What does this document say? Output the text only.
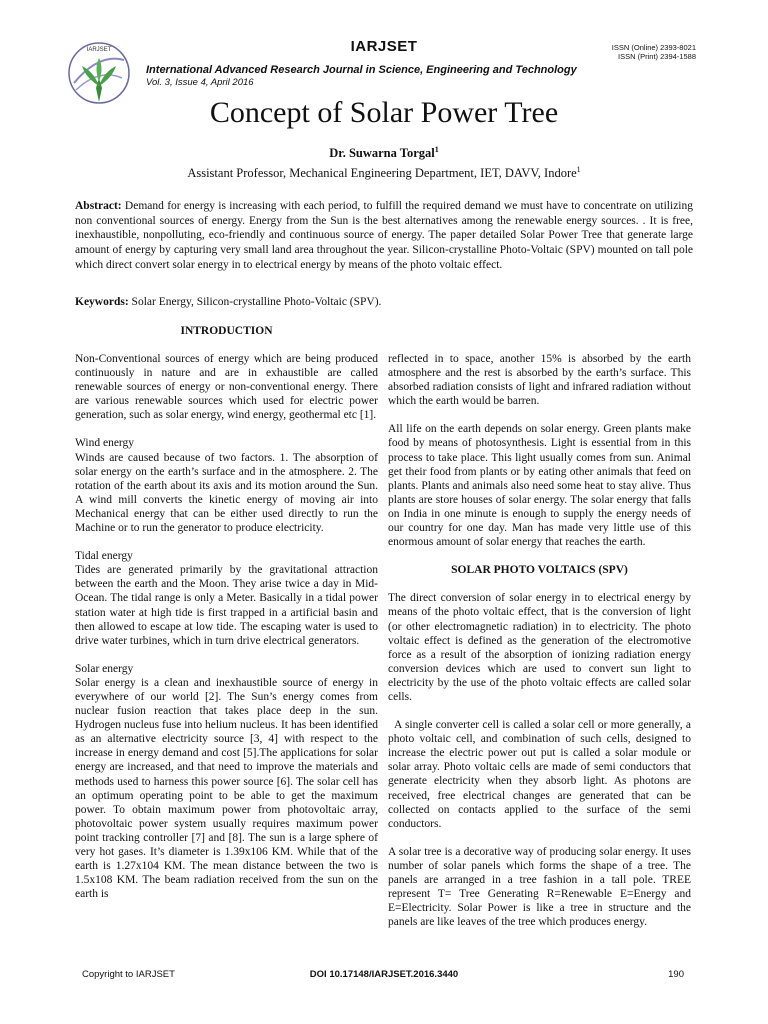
IARJSET	IARJSET	ISSN (Online) 2393-8021
ISSN (Print) 2394-1588
International Advanced Research Journal in Science, Engineering and Technology
Vol. 3, Issue 4, April 2016
Concept of Solar Power Tree
Dr. Suwarna Torgal$^1$
Assistant Professor, Mechanical Engineering Department, IET, DAVV, Indore$^1$
Abstract: Demand for energy is increasing with each period, to fulfill the required demand we must have to concentrate on utilizing non conventional sources of energy. Energy from the Sun is the best alternatives among the renewable energy sources. . It is free, inexhaustible, nonpolluting, eco-friendly and continuous source of energy. The paper detailed Solar Power Tree that generate large amount of energy by capturing very small land area throughout the year. Silicon-crystalline Photo-Voltaic (SPV) mounted on tall pole which direct convert solar energy in to electrical energy by means of the photo voltaic effect.
Keywords: Solar Energy, Silicon-crystalline Photo-Voltaic (SPV).
INTRODUCTION

Non-Conventional sources of energy which are being produced continuously in nature and are in exhaustible are called renewable sources of energy or non-conventional energy. There are various renewable sources which used for electric power generation, such as solar energy, wind energy, geothermal etc [1].

Wind energy

Winds are caused because of two factors. 1. The absorption of solar energy on the earth’s surface and in the atmosphere. 2. The rotation of the earth about its axis and its motion around the Sun. A wind mill converts the kinetic energy of moving air into Mechanical energy that can be either used directly to run the Machine or to run the generator to produce electricity.

Tidal energy

Tides are generated primarily by the gravitational attraction between the earth and the Moon. They arise twice a day in Mid-Ocean. The tidal range is only a Meter. Basically in a tidal power station water at high tide is first trapped in a artificial basin and then allowed to escape at low tide. The escaping water is used to drive water turbines, which in turn drive electrical generators.

Solar energy

Solar energy is a clean and inexhaustible source of energy in everywhere of our world [2]. The Sun’s energy comes from nuclear fusion reaction that takes place deep in the sun. Hydrogen nucleus fuse into helium nucleus. It has been identified as an alternative electricity source [3, 4] with respect to the increase in energy demand and cost [5].The applications for solar energy are increased, and that need to improve the materials and methods used to harness this power source [6]. The solar cell has an optimum operating point to be able to get the maximum power. To obtain maximum power from photovoltaic array, photovoltaic power system usually requires maximum power point tracking controller [7] and [8]. The sun is a large sphere of very hot gases. It’s diameter is 1.39x106 KM. While that of the earth is 1.27x104 KM. The mean distance between the two is 1.5x108 KM. The beam radiation received from the sun on the earth is

reflected in to space, another 15% is absorbed by the earth atmosphere and the rest is absorbed by the earth’s surface. This absorbed radiation consists of light and infrared radiation without which the earth would be barren.

All life on the earth depends on solar energy. Green plants make food by means of photosynthesis. Light is essential from in this process to take place. This light usually comes from sun. Animal get their food from plants or by eating other animals that feed on plants. Plants and animals also need some heat to stay alive. Thus plants are store houses of solar energy. The solar energy that falls on India in one minute is enough to supply the energy needs of our country for one day. Man has made very little use of this enormous amount of solar energy that reaches the earth.

SOLAR PHOTO VOLTAICS (SPV)

The direct conversion of solar energy in to electrical energy by means of the photo voltaic effect, that is the conversion of light (or other electromagnetic radiation) in to electricity. The photo voltaic effect is defined as the generation of the electromotive force as a result of the absorption of ionizing radiation energy conversion devices which are used to convert sun light to electricity by the use of the photo voltaic effects are called solar cells.

A single converter cell is called a solar cell or more generally, a photo voltaic cell, and combination of such cells, designed to increase the electric power out put is called a solar module or solar array. Photo voltaic cells are made of semi conductors that generate electricity when they absorb light. As photons are received, free electrical changes are generated that can be collected on contacts applied to the surface of the semi conductors.

A solar tree is a decorative way of producing solar energy. It uses number of solar panels which forms the shape of a tree. The panels are arranged in a tree fashion in a tall pole. TREE represent T= Tree Generating R=Renewable E=Energy and E=Electricity. Solar Power is like a tree in structure and the panels are like leaves of the tree which produces energy.

Copyright to IARJSET	DOI 10.17148/IARJSET.2016.3440	190
